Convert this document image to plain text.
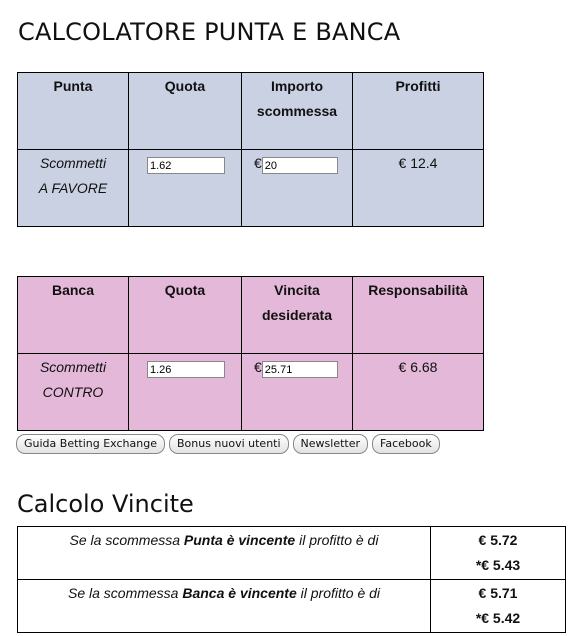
CALCOLATORE PUNTA E BANCA
Punta	Quota	Importo scommessa	Profitti
Scommetti
A FAVORE	1.62	€20	€ 12.4
Banca	Quota	Vincita desiderata	Responsabilità
Scommetti
CONTRO	1.26	€25.71	€ 6.68
Guida Betting Exchange	Bonus nuovi utenti	Newsletter	Facebook
Calcolo Vincite
Se la scommessa Punta è vincente il profitto è di	€ 5.72
*€ 5.43
Se la scommessa Banca è vincente il profitto è di	€ 5.71
*€ 5.42
